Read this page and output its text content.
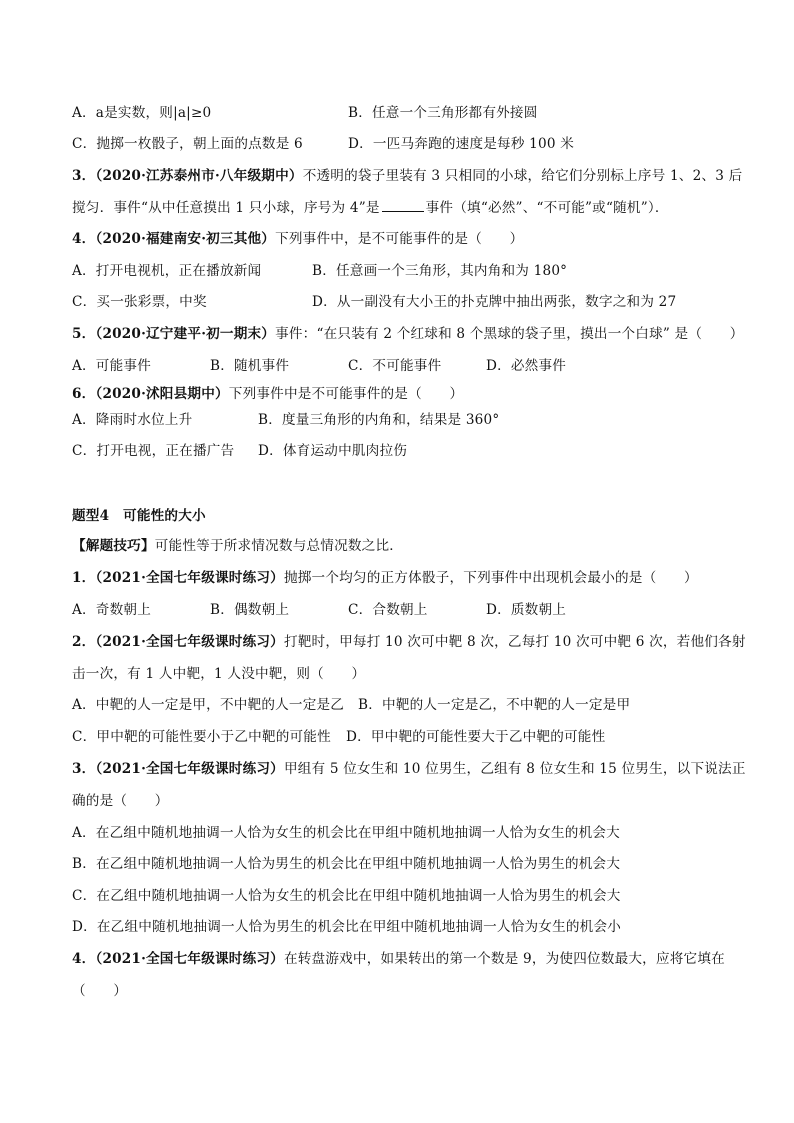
A．a是实数，则|a|≥0	B．任意一个三角形都有外接圆
C．抛掷一枚骰子，朝上面的点数是 6	D．一匹马奔跑的速度是每秒 100 米
3．（2020·江苏泰州市·八年级期中）不透明的袋子里装有 3 只相同的小球，给它们分别标上序号 1、2、3 后
搅匀．事件“从中任意摸出 1 只小球，序号为 4”是	事件（填“必然”、“不可能”或“随机”）．
4．（2020·福建南安·初三其他）下列事件中，是不可能事件的是（　　）
A．打开电视机，正在播放新闻	B．任意画一个三角形，其内角和为 180°
C．买一张彩票，中奖	D．从一副没有大小王的扑克牌中抽出两张，数字之和为 27
5．（2020·辽宁建平·初一期末）事件：“在只装有 2 个红球和 8 个黑球的袋子里，摸出一个白球” 是（　　）
A．可能事件	B．随机事件	C．不可能事件	D．必然事件
6．（2020·沭阳县期中）下列事件中是不可能事件的是（　　）
A．降雨时水位上升	B．度量三角形的内角和，结果是 360°
C．打开电视，正在播广告 D．体育运动中肌肉拉伤
题型4　可能性的大小
【解题技巧】可能性等于所求情况数与总情况数之比．
1．（2021·全国七年级课时练习）抛掷一个均匀的正方体骰子，下列事件中出现机会最小的是（　　）
A．奇数朝上	B．偶数朝上	C．合数朝上	D．质数朝上
2．（2021·全国七年级课时练习）打靶时，甲每打 10 次可中靶 8 次，乙每打 10 次可中靶 6 次，若他们各射
击一次，有 1 人中靶，1 人没中靶，则（　　）
A．中靶的人一定是甲，不中靶的人一定是乙 B．中靶的人一定是乙，不中靶的人一定是甲
C．甲中靶的可能性要小于乙中靶的可能性 D．甲中靶的可能性要大于乙中靶的可能性
3．（2021·全国七年级课时练习）甲组有 5 位女生和 10 位男生，乙组有 8 位女生和 15 位男生，以下说法正
确的是（　　）
A．在乙组中随机地抽调一人恰为女生的机会比在甲组中随机地抽调一人恰为女生的机会大
B．在乙组中随机地抽调一人恰为男生的机会比在甲组中随机地抽调一人恰为男生的机会大
C．在乙组中随机地抽调一人恰为女生的机会比在甲组中随机地抽调一人恰为男生的机会大
D．在乙组中随机地抽调一人恰为男生的机会比在甲组中随机地抽调一人恰为女生的机会小
4．（2021·全国七年级课时练习）在转盘游戏中，如果转出的第一个数是 9，为使四位数最大，应将它填在
（　　）
